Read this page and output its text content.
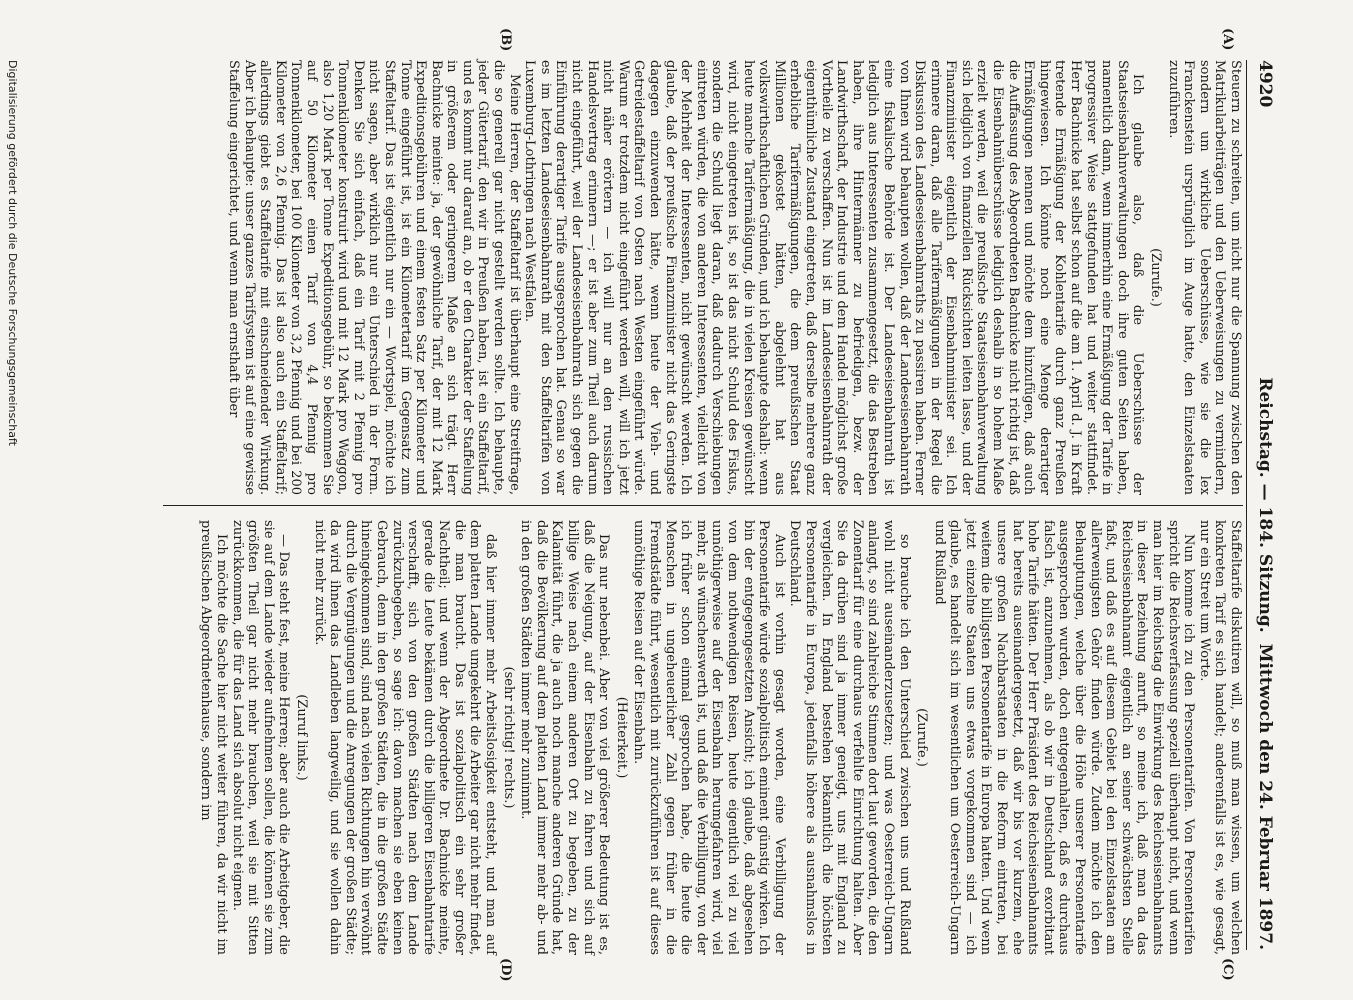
4920
Reichstag. — 184. Sitzung.
Mittwoch den 24. Februar 1897.
(A)
(B)
(C)
(D)

Steuern zu schreiten, um nicht nur die Spannung zwischen den Matrikularbeiträgen und den Ueberweisungen zu vermindern, sondern um wirkliche Ueberschüsse, wie sie die lex Franckenstein ursprünglich im Auge hatte, den Einzelstaaten zuzuführen.

(Zurufe.)

Ich glaube also, daß die Ueberschüsse der Staatseisenbahnverwaltungen doch ihre guten Seiten haben, namentlich dann, wenn immerhin eine Ermäßigung der Tarife in progressiver Weise stattgefunden hat und weiter stattfindet. Herr Bachnicke hat selbst schon auf die am 1. April d. J. in Kraft tretende Ermäßigung der Kohlentarife durch ganz Preußen hingewiesen. Ich könnte noch eine Menge derartiger Ermäßigungen nennen und möchte dem hinzufügen, daß auch die Auffassung des Abgeordneten Bachnicke nicht richtig ist, daß die Eisenbahnüberschüsse lediglich deshalb in so hohem Maße erzielt werden, weil die preußische Staatseisenbahnverwaltung sich lediglich von finanziellen Rücksichten leiten lasse, und der Finanzminister eigentlich der Eisenbahnminister sei. Ich erinnere daran, daß alle Tarifermäßigungen in der Regel die Diskussion des Landeseisenbahnraths zu passiren haben. Ferner von Ihnen wird behaupten wollen, daß der Landeseisenbahnrath eine fiskalische Behörde ist. Der Landeseisenbahnrath ist lediglich aus Interessenten zusammengesetzt, die das Bestreben haben, ihre Hintermänner zu befriedigen, bezw. der Landwirthschaft, der Industrie und dem Handel möglichst große Vortheile zu verschaffen. Nun ist im Landeseisenbahnrath der eigenthümliche Zustand eingetreten, daß derselbe mehrere ganz erhebliche Tarifermäßigungen, die dem preußischen Staat Millionen gekostet hätten, abgelehnt hat aus volkswirthschaftlichen Gründen, und ich behaupte deshalb: wenn heute manche Tarifermäßigung, die in vielen Kreisen gewünscht wird, nicht eingetreten ist, so ist das nicht Schuld des Fiskus, sondern die Schuld liegt daran, daß dadurch Verschiebungen eintreten würden, die von anderen Interessenten, vielleicht von der Mehrheit der Interessenten, nicht gewünscht werden. Ich glaube, daß der preußische Finanzminister nicht das Geringste dagegen einzuwenden hätte, wenn heute der Vieh- und Getreidestaffeltarif von Osten nach Westen eingeführt würde. Warum er trotzdem nicht eingeführt werden will, will ich jetzt nicht näher erörtern — ich will nur an den russischen Handelsvertrag erinnern —; er ist aber zum Theil auch darum nicht eingeführt, weil der Landeseisenbahnrath sich gegen die Einführung derartiger Tarife ausgesprochen hat. Genau so war es im letzten Landeseisenbahnrath mit den Staffeltarifen von Luxemburg-Lothringen nach Westfalen.

Meine Herren, der Staffeltarif ist überhaupt eine Streitfrage, die so generell gar nicht gestellt werden sollte. Ich behaupte, jeder Gütertarif, den wir in Preußen haben, ist ein Staffeltarif, und es kommt nur darauf an, ob er den Charakter der Staffelung in größerem oder geringerem Maße an sich trägt. Herr Bachnicke meinte: ja, der gewöhnliche Tarif, der mit 12 Mark Expeditionsgebühren und einem festen Satz per Kilometer und Tonne eingeführt ist, ist ein Kilometertarif im Gegensatz zum Staffeltarif. Das ist eigentlich nur ein — Wortspiel, möchte ich nicht sagen, aber wirklich nur ein Unterschied in der Form. Denken Sie sich einfach, daß ein Tarif mit 2 Pfennig pro Tonnenkilometer konstruirt wird und mit 12 Mark pro Waggon, also 1,20 Mark per Tonne Expeditionsgebühr, so bekommen Sie auf 50 Kilometer einen Tarif von 4,4 Pfennig pro Tonnenkilometer, bei 100 Kilometer von 3,2 Pfennig und bei 200 Kilometer von 2,6 Pfennig. Das ist also auch ein Staffeltarif; allerdings giebt es Staffeltarife mit einschneidender Wirkung. Aber ich behaupte: unser ganzes Tarifsystem ist auf eine gewisse Staffelung eingerichtet, und wenn man ernsthaft über

Staffeltarife diskutiren will, so muß man wissen, um welchen konkreten Tarif es sich handelt; anderenfalls ist es, wie gesagt, nur ein Streit um Worte.

Nun komme ich zu den Personentarifen. Von Personentarifen spricht die Reichsverfassung speziell überhaupt nicht, und wenn man hier im Reichstag die Einwirkung des Reichseisenbahnamts in dieser Beziehung anruft, so meine ich, daß man da das Reichseisenbahnamt eigentlich an seiner schwächsten Stelle faßt, und daß es auf diesem Gebiet bei den Einzelstaaten am allerwenigsten Gehör finden würde. Zudem möchte ich den Behauptungen, welche über die Höhe unserer Personentarife ausgesprochen wurden, doch entgegenhalten, daß es durchaus falsch ist, anzunehmen, als ob wir in Deutschland exorbitant hohe Tarife hätten. Der Herr Präsident des Reichseisenbahnamts hat bereits auseinandergesetzt, daß wir bis vor kurzem, ehe unsere großen Nachbarstaaten in die Reform eintraten, bei weitem die billigsten Personentarife in Europa hatten. Und wenn jetzt einzelne Staaten uns etwas vorgekommen sind — ich glaube, es handelt sich im wesentlichen um Oesterreich-Ungarn und Rußland

(Zurufe.)

so brauche ich den Unterschied zwischen uns und Rußland wohl nicht auseinanderzusetzen; und was Oesterreich-Ungarn anlangt, so sind zahlreiche Stimmen dort laut geworden, die den Zonentarif für eine durchaus verfehlte Einrichtung halten. Aber Sie da drüben sind ja immer geneigt, uns mit England zu vergleichen. In England bestehen bekanntlich die höchsten Personentarife in Europa, jedenfalls höhere als ausnahmslos in Deutschland.

Auch ist vorhin gesagt worden, eine Verbilligung der Personentarife würde sozialpolitisch eminent günstig wirken. Ich bin der entgegengesetzten Ansicht; ich glaube, daß abgesehen von dem nothwendigen Reisen, heute eigentlich viel zu viel unnöthigerweise auf der Eisenbahn herumgefahren wird, viel mehr, als wünschenswerth ist, und daß die Verbilligung, von der ich früher schon einmal gesprochen habe, die heute die Menschen in ungeheuerlicher Zahl gegen früher in die Fremdstädte führt, wesentlich mit zurückzuführen ist auf dieses unnöthige Reisen auf der Eisenbahn.

(Heiterkeit.)

Das nur nebenbei. Aber von viel größerer Bedeutung ist es, daß die Neigung, auf der Eisenbahn zu fahren und sich auf billige Weise nach einem anderen Ort zu begeben, zu der Kalamität führt, die ja auch noch manche anderen Gründe hat, daß die Bevölkerung auf dem platten Land immer mehr ab- und in den großen Städten immer mehr zunimmt.

(sehr richtig! rechts.)

daß hier immer mehr Arbeitslosigkeit entsteht, und man auf dem platten Lande umgekehrt die Arbeiter gar nicht mehr findet, die man braucht. Das ist sozialpolitisch ein sehr großer Nachtheil; und wenn der Abgeordnete Dr. Bachnicke meinte, gerade die Leute bekämen durch die billigeren Eisenbahntarife verschafft, sich von den großen Städten nach dem Lande zurückzubegeben, so sage ich: davon machen sie eben keinen Gebrauch, denn in den großen Städten, die in die großen Städte hineingekommen sind, sind nach vielen Richtungen hin verwöhnt durch die Vergnügungen und die Anregungen der großen Städte; da wird ihnen das Landleben langweilig, und sie wollen dahin nicht mehr zurück.

(Zuruf links.)

— Das steht fest, meine Herren; aber auch die Arbeitgeber, die sie auf dem Lande wieder aufnehmen sollen, die können sie zum größten Theil gar nicht mehr brauchen, weil sie mit Sitten zurückkommen, die für das Land sich absolut nicht eignen.

Ich möchte die Sache hier nicht weiter führen, da wir nicht im preußischen Abgeordnetenhause, sondern im

Digitalisierung gefördert durch die Deutsche Forschungsgemeinschaft
